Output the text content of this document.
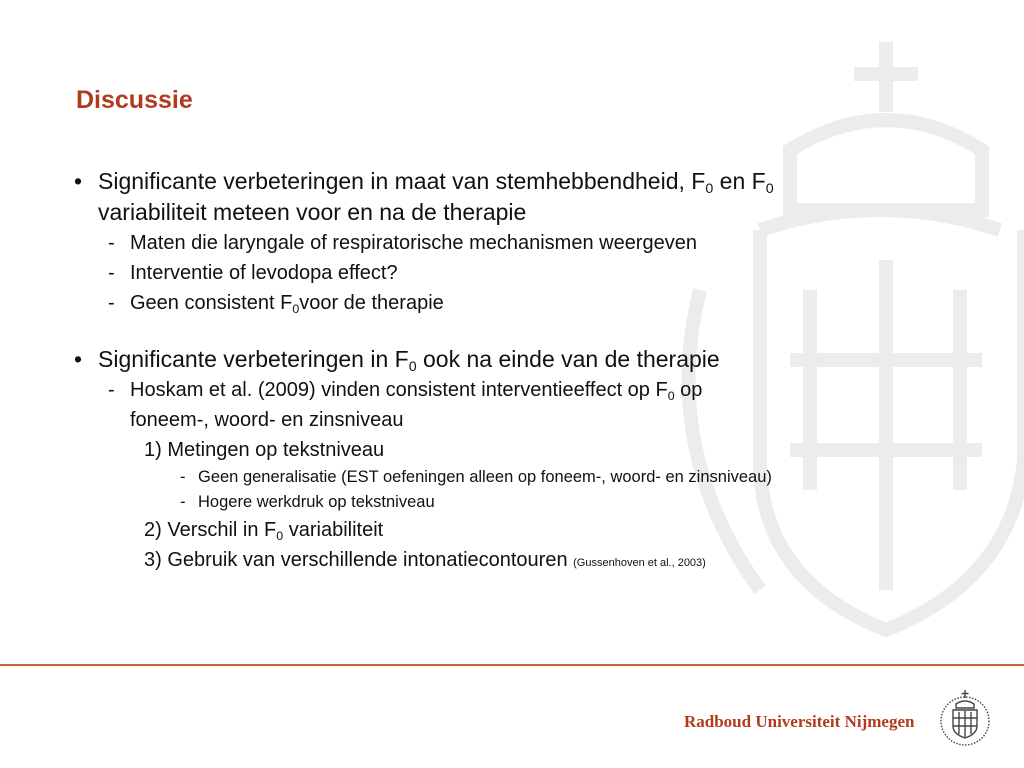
Discussie
• Significante verbeteringen in maat van stemhebbendheid, $F_0$ en $F_0$
variabiliteit meteen voor en na de therapie
- Maten die laryngale of respiratorische mechanismen weergeven
- Interventie of levodopa effect?
- Geen consistent $F_0voor$ de therapie
• Significante verbeteringen in $F_0$ ook na einde van de therapie
- Hoskam et al. (2009) vinden consistent interventieeffect op $F_0$ op
foneem-, woord- en zinsniveau
1) Metingen op tekstniveau
- Geen generalisatie (EST oefeningen alleen op foneem-, woord- en zinsniveau)
- Hogere werkdruk op tekstniveau
2) Verschil in $F_0$ variabiliteit
3) Gebruik van verschillende intonatiecontouren (Gussenhoven et al., 2003)
Radboud Universiteit Nijmegen
